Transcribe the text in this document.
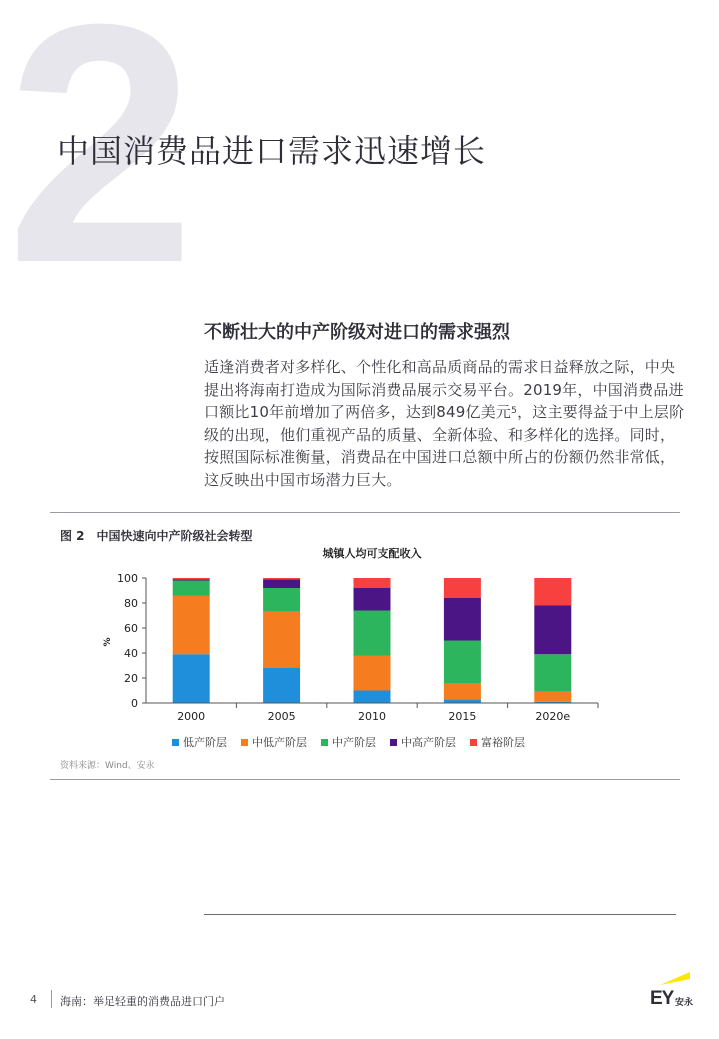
2
中国消费品进口需求迅速增长
不断壮大的中产阶级对进口的需求强烈

适逢消费者对多样化、个性化和高品质商品的需求日益释放之际，中央提出将海南打造成为国际消费品展示交易平台。2019年，中国消费品进口额比10年前增加了两倍多，达到849亿美元$^5$，这主要得益于中上层阶级的出现，他们重视产品的质量、全新体验、和多样化的选择。同时，按照国际标准衡量，消费品在中国进口总额中所占的份额仍然非常低，这反映出中国市场潜力巨大。

图 2　中国快速向中产阶级社会转型
城镇人均可支配收入
%
0
20
40
60
80
100
2000	2005	2010	2015	2020e
低产阶层 中低产阶层 中产阶层 中高产阶层 富裕阶层
资料来源：Wind、安永
4 海南：举足轻重的消费品进口门户	EY 安永
